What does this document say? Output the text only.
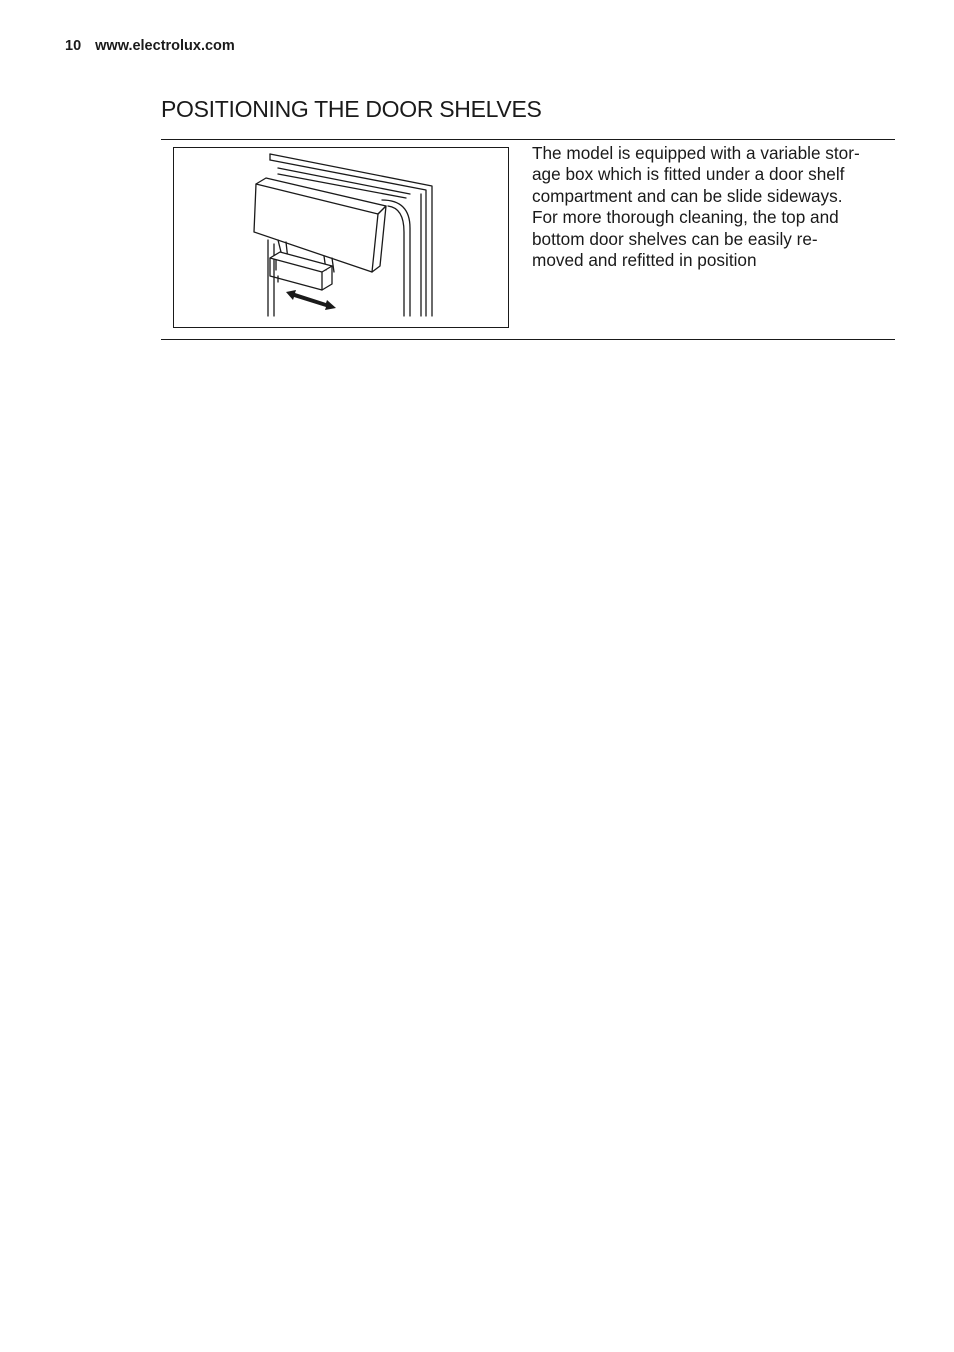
10 www.electrolux.com
POSITIONING THE DOOR SHELVES

The model is equipped with a variable stor-
age box which is fitted under a door shelf
compartment and can be slide sideways.
For more thorough cleaning, the top and
bottom door shelves can be easily re-
moved and refitted in position
